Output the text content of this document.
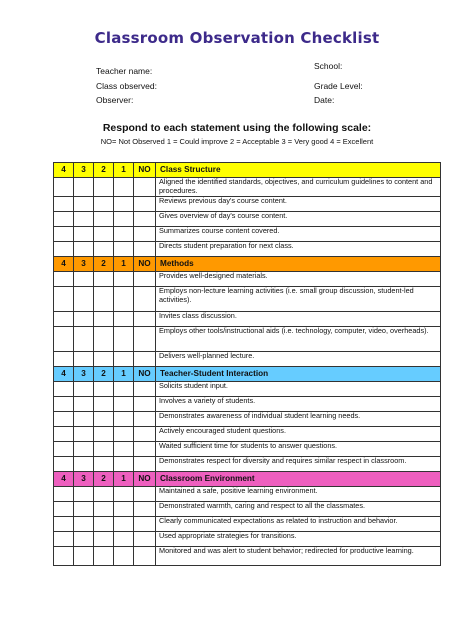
Classroom Observation Checklist
Teacher name:	School:
Class observed:	Grade Level:
Observer:	Date:
Respond to each statement using the following scale:
NO= Not Observed 1 = Could improve 2 = Acceptable 3 = Very good 4 = Excellent
4	3	2	1	NO	Class Structure
					Aligned the identified standards, objectives, and curriculum guidelines to content and procedures.
					Reviews previous day's course content.
					Gives overview of day's course content.
					Summarizes course content covered.
					Directs student preparation for next class.
4	3	2	1	NO	Methods
					Provides well-designed materials.
					Employs non-lecture learning activities (i.e. small group discussion, student-led activities).
					Invites class discussion.
					Employs other tools/instructional aids (i.e. technology, computer, video, overheads).
					Delivers well-planned lecture.
4	3	2	1	NO	Teacher-Student Interaction
					Solicits student input.
					Involves a variety of students.
					Demonstrates awareness of individual student learning needs.
					Actively encouraged student questions.
					Waited sufficient time for students to answer questions.
					Demonstrates respect for diversity and requires similar respect in classroom.
4	3	2	1	NO	Classroom Environment
					Maintained a safe, positive learning environment.
					Demonstrated warmth, caring and respect to all the classmates.
					Clearly communicated expectations as related to instruction and behavior.
					Used appropriate strategies for transitions.
					Monitored and was alert to student behavior; redirected for productive learning.
